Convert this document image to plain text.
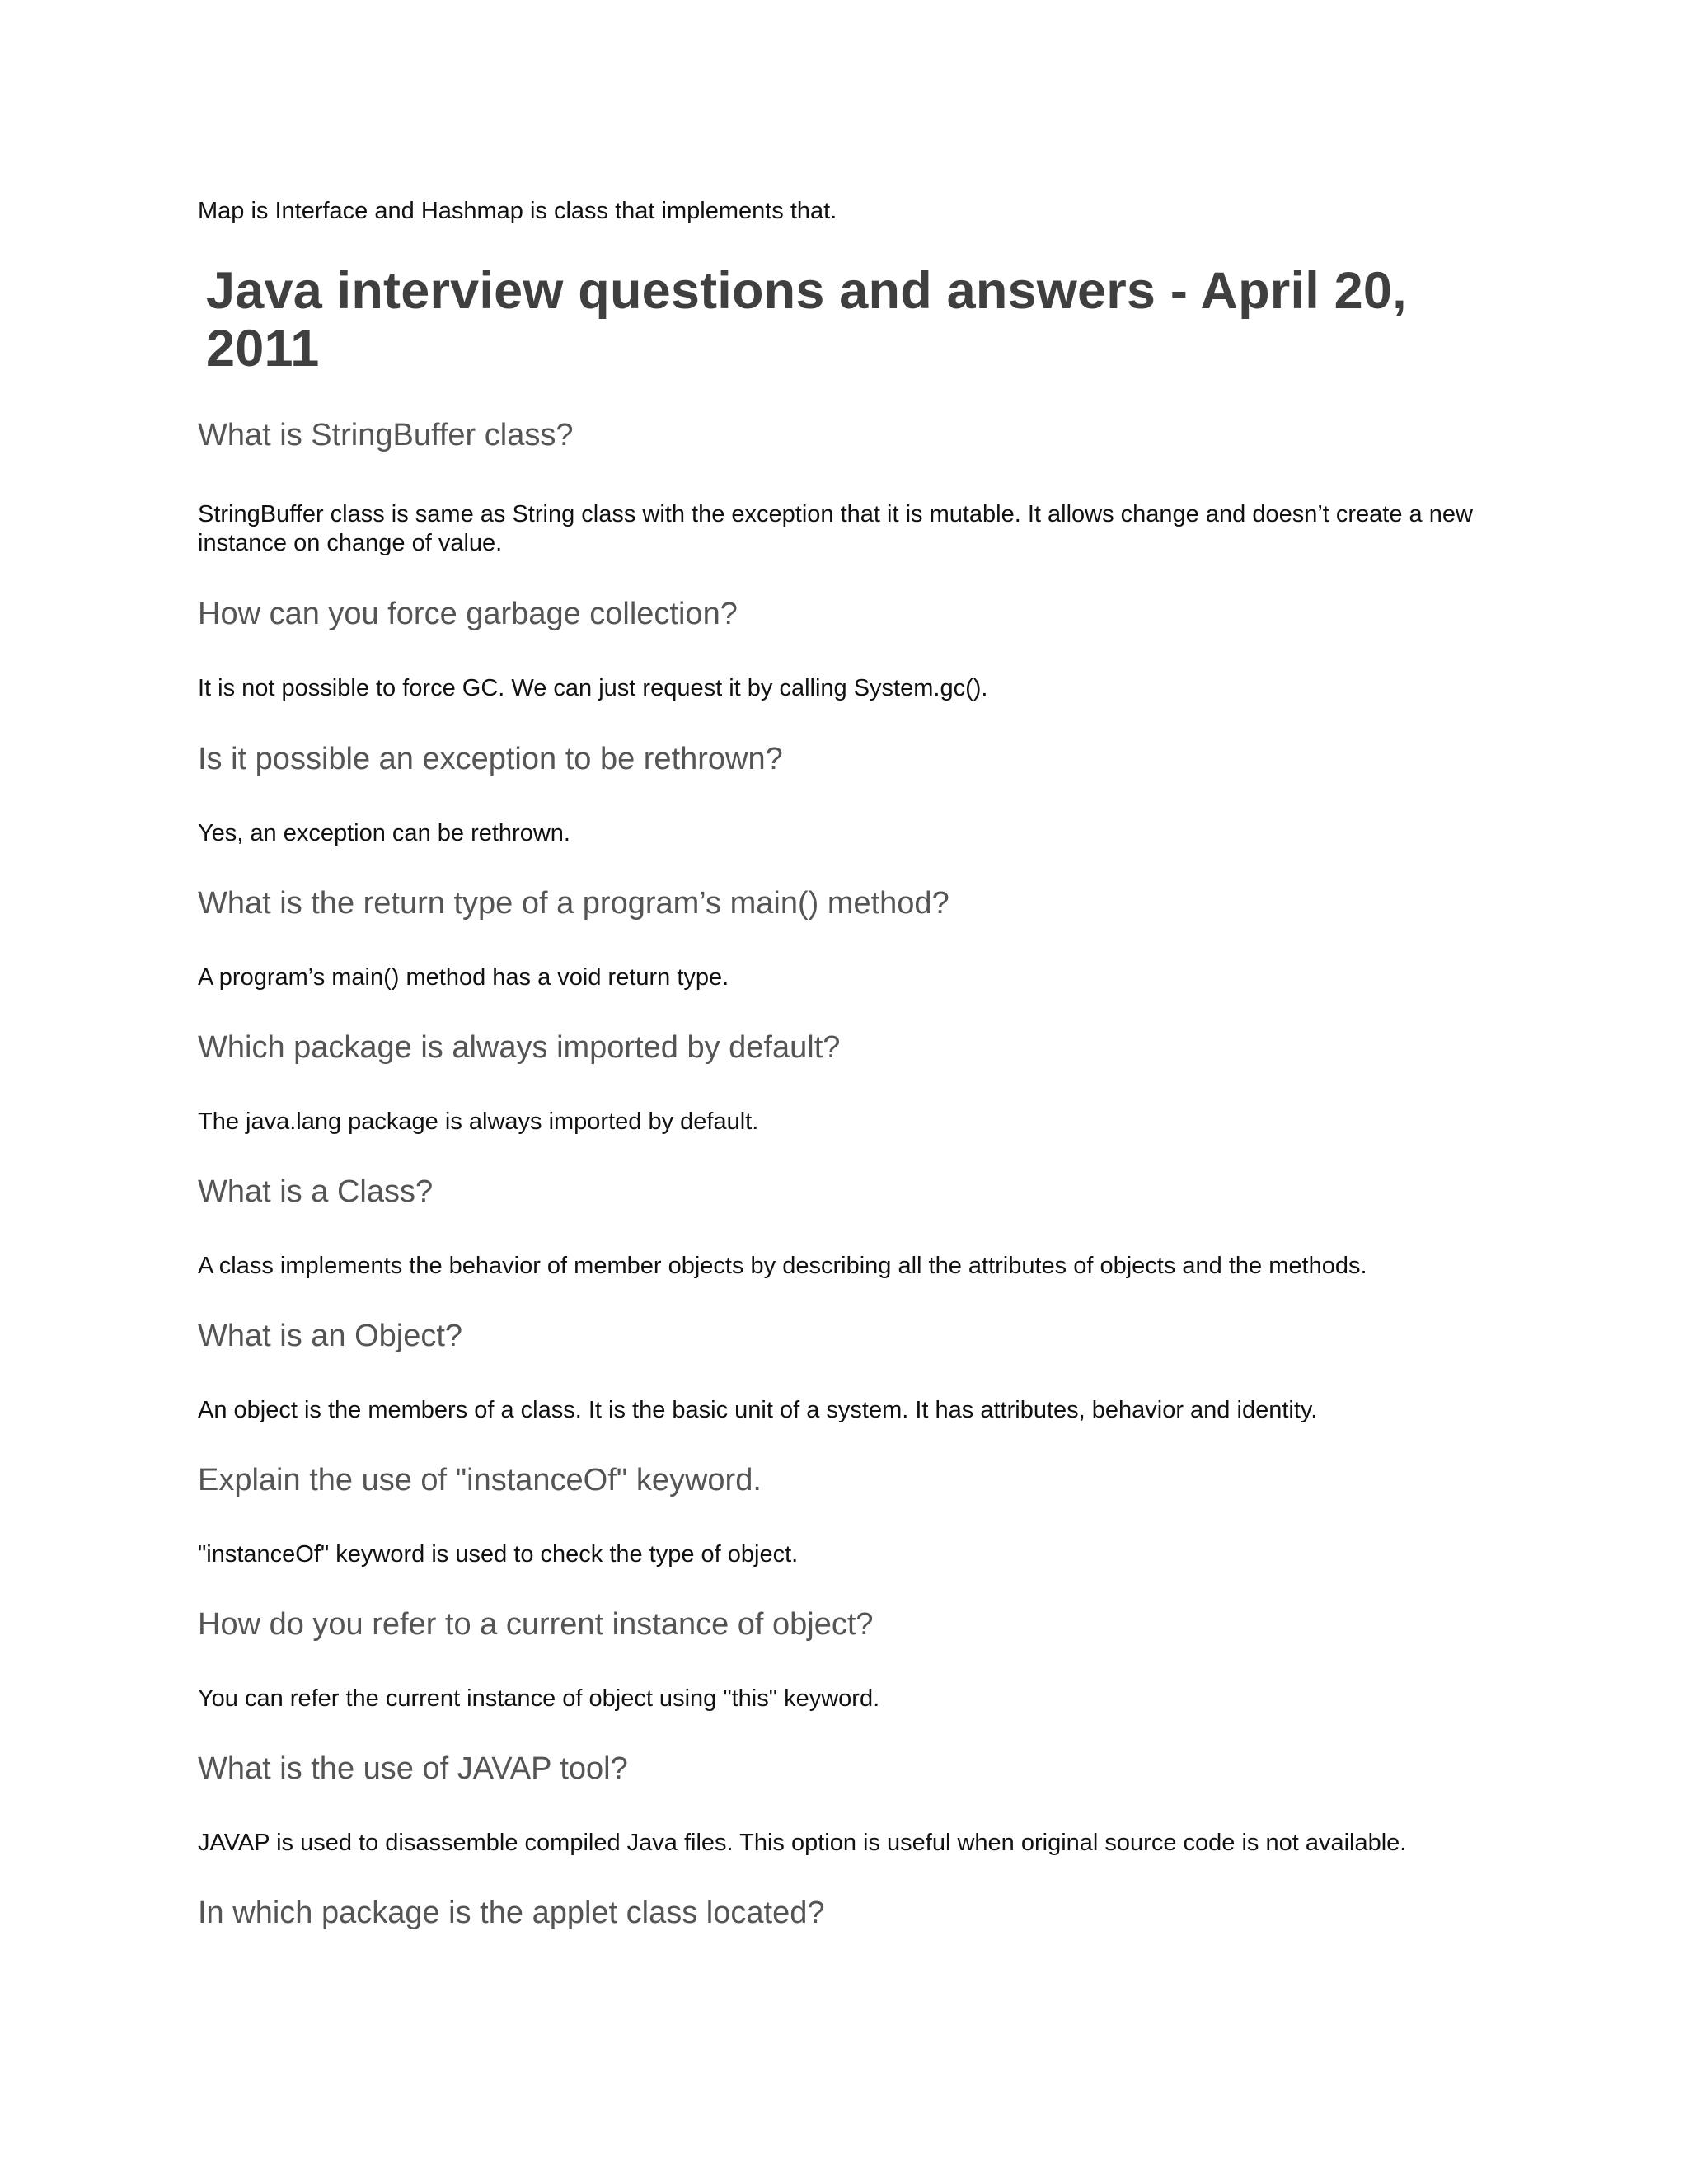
Map is Interface and Hashmap is class that implements that.

Java interview questions and answers - April 20, 2011
What is StringBuffer class?

StringBuffer class is same as String class with the exception that it is mutable. It allows change and doesn’t create a new instance on change of value.

How can you force garbage collection?

It is not possible to force GC. We can just request it by calling System.gc().

Is it possible an exception to be rethrown?

Yes, an exception can be rethrown.

What is the return type of a program’s main() method?

A program’s main() method has a void return type.

Which package is always imported by default?

The java.lang package is always imported by default.

What is a Class?

A class implements the behavior of member objects by describing all the attributes of objects and the methods.

What is an Object?

An object is the members of a class. It is the basic unit of a system. It has attributes, behavior and identity.

Explain the use of "instanceOf" keyword.

"instanceOf" keyword is used to check the type of object.

How do you refer to a current instance of object?

You can refer the current instance of object using "this" keyword.

What is the use of JAVAP tool?

JAVAP is used to disassemble compiled Java files. This option is useful when original source code is not available.

In which package is the applet class located?
